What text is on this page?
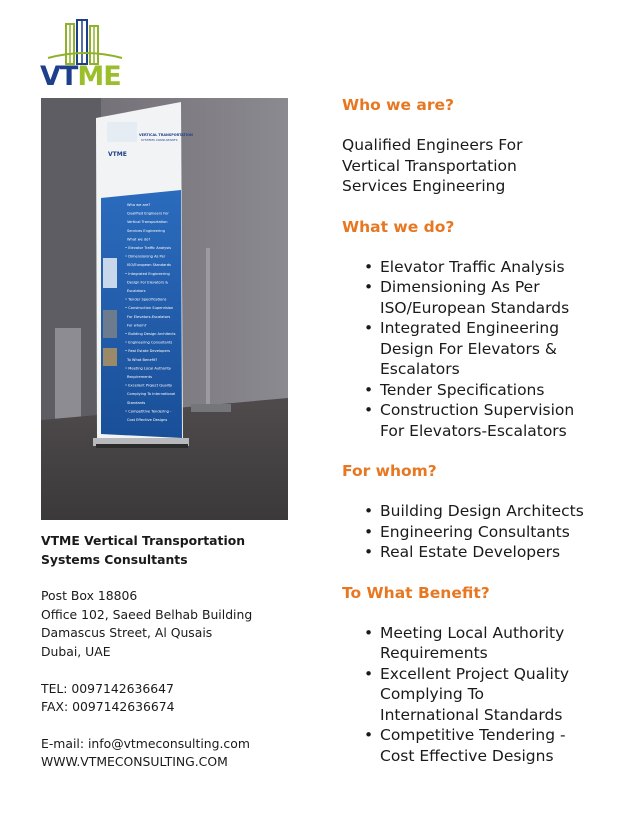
VTME
VTME
VERTICAL TRANSPORTATION
SYSTEMS CONSULTANTS
Who we are?
Qualified Engineers For
Vertical Transportation
Services Engineering
What we do?
• Elevator Traffic Analysis
• Dimensioning As Per
ISO/European Standards
• Integrated Engineering
Design For Elevators &
Escalators
• Tender Specifications
• Construction Supervision
For Elevators-Escalators
For whom?
• Building Design Architects
• Engineering Consultants
• Real Estate Developers
To What Benefit?
• Meeting Local Authority
Requirements
• Excellent Project Quality
Complying To International
Standards
• Competitive Tendering -
Cost Effective Designs

VTME Vertical Transportation

Systems Consultants

Post Box 18806

Office 102, Saeed Belhab Building

Damascus Street, Al Qusais

Dubai, UAE

TEL: 0097142636647

FAX: 0097142636674

E-mail: info@vtmeconsulting.com

WWW.VTMECONSULTING.COM

Who we are?
Qualified Engineers For
Vertical Transportation
Services Engineering
What we do?
• Elevator Traffic Analysis
• Dimensioning As Per
ISO/European Standards
• Integrated Engineering
Design For Elevators &
Escalators
• Tender Specifications
• Construction Supervision
For Elevators-Escalators
For whom?
• Building Design Architects
• Engineering Consultants
• Real Estate Developers
To What Benefit?
• Meeting Local Authority
Requirements
• Excellent Project Quality
Complying To
International Standards
• Competitive Tendering -
Cost Effective Designs
